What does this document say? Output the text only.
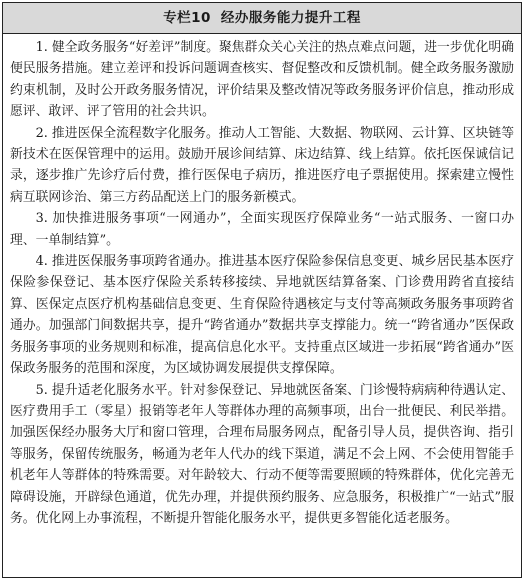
专栏10 经办服务能力提升工程

1. 健全政务服务“好差评”制度。聚焦群众关心关注的热点难点问题，进一步优化明确便民服务措施。建立差评和投诉问题调查核实、督促整改和反馈机制。健全政务服务激励约束机制，及时公开政务服务情况，评价结果及整改情况等政务服务评价信息，推动形成愿评、敢评、评了管用的社会共识。

2. 推进医保全流程数字化服务。推动人工智能、大数据、物联网、云计算、区块链等新技术在医保管理中的运用。鼓励开展诊间结算、床边结算、线上结算。依托医保诚信记录，逐步推广先诊疗后付费，推行医保电子病历，推进医疗电子票据使用。探索建立慢性病互联网诊治、第三方药品配送上门的服务新模式。

3. 加快推进服务事项“一网通办”，全面实现医疗保障业务“一站式服务、一窗口办理、一单制结算”。

4. 推进医保服务事项跨省通办。推进基本医疗保险参保信息变更、城乡居民基本医疗保险参保登记、基本医疗保险关系转移接续、异地就医结算备案、门诊费用跨省直接结算、医保定点医疗机构基础信息变更、生育保险待遇核定与支付等高频政务服务事项跨省通办。加强部门间数据共享，提升“跨省通办”数据共享支撑能力。统一“跨省通办”医保政务服务事项的业务规则和标准，提高信息化水平。支持重点区域进一步拓展“跨省通办”医保政务服务的范围和深度，为区域协调发展提供支撑保障。

5. 提升适老化服务水平。针对参保登记、异地就医备案、门诊慢特病病种待遇认定、医疗费用手工（零星）报销等老年人等群体办理的高频事项，出台一批便民、利民举措。加强医保经办服务大厅和窗口管理，合理布局服务网点，配备引导人员，提供咨询、指引等服务，保留传统服务，畅通为老年人代办的线下渠道，满足不会上网、不会使用智能手机老年人等群体的特殊需要。对年龄较大、行动不便等需要照顾的特殊群体，优化完善无障碍设施，开辟绿色通道，优先办理，并提供预约服务、应急服务，积极推广“一站式”服务。优化网上办事流程，不断提升智能化服务水平，提供更多智能化适老服务。
